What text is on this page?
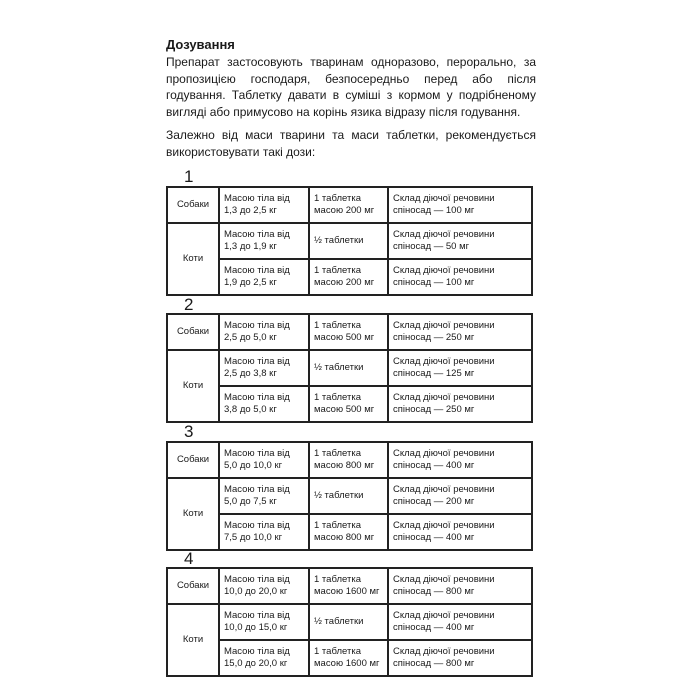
Дозування
Препарат застосовують тваринам одноразово, перорально, за пропозицією господаря, безпосередньо перед або після годування. Таблетку давати в суміші з кормом у подрібненому вигляді або примусово на корінь язика відразу після годування.
Залежно від маси тварини та маси таблетки, рекомендується використовувати такі дози:
1
Собаки	Масою тіла від 1,3 до 2,5 кг	1 таблетка масою 200 мг	Склад діючої речовини спіносад — 100 мг
Коти	Масою тіла від 1,3 до 1,9 кг	½ таблетки	Склад діючої речовини спіносад — 50 мг
	Масою тіла від 1,9 до 2,5 кг	1 таблетка масою 200 мг	Склад діючої речовини спіносад — 100 мг
2
Собаки	Масою тіла від 2,5 до 5,0 кг	1 таблетка масою 500 мг	Склад діючої речовини спіносад — 250 мг
Коти	Масою тіла від 2,5 до 3,8 кг	½ таблетки	Склад діючої речовини спіносад — 125 мг
	Масою тіла від 3,8 до 5,0 кг	1 таблетка масою 500 мг	Склад діючої речовини спіносад — 250 мг
3
Собаки	Масою тіла від 5,0 до 10,0 кг	1 таблетка масою 800 мг	Склад діючої речовини спіносад — 400 мг
Коти	Масою тіла від 5,0 до 7,5 кг	½ таблетки	Склад діючої речовини спіносад — 200 мг
	Масою тіла від 7,5 до 10,0 кг	1 таблетка масою 800 мг	Склад діючої речовини спіносад — 400 мг
4
Собаки	Масою тіла від 10,0 до 20,0 кг	1 таблетка масою 1600 мг	Склад діючої речовини спіносад — 800 мг
Коти	Масою тіла від 10,0 до 15,0 кг	½ таблетки	Склад діючої речовини спіносад — 400 мг
	Масою тіла від 15,0 до 20,0 кг	1 таблетка масою 1600 мг	Склад діючої речовини спіносад — 800 мг
